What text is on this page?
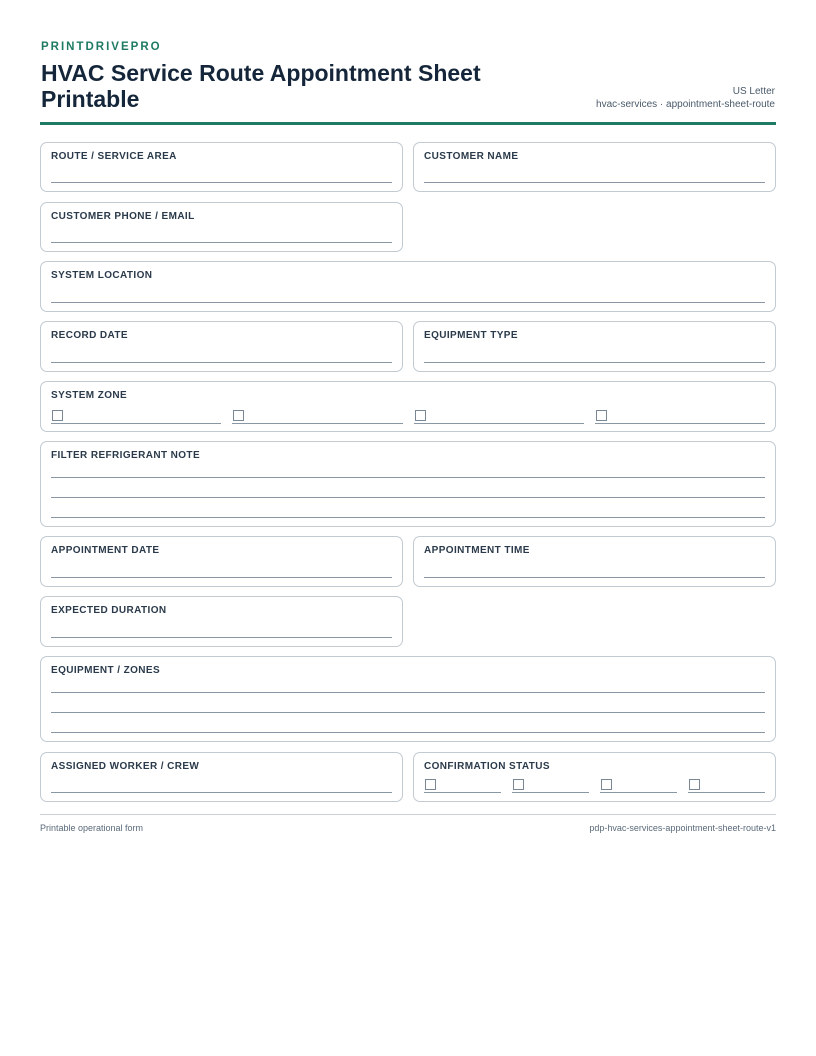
PRINTDRIVEPRO
HVAC Service Route Appointment Sheet Printable	US Letter
hvac-services · appointment-sheet-route
ROUTE / SERVICE AREA	CUSTOMER NAME
CUSTOMER PHONE / EMAIL
SYSTEM LOCATION
RECORD DATE	EQUIPMENT TYPE
SYSTEM ZONE
FILTER REFRIGERANT NOTE
APPOINTMENT DATE	APPOINTMENT TIME
EXPECTED DURATION
EQUIPMENT / ZONES
ASSIGNED WORKER / CREW	CONFIRMATION STATUS
Printable operational form	pdp-hvac-services-appointment-sheet-route-v1
